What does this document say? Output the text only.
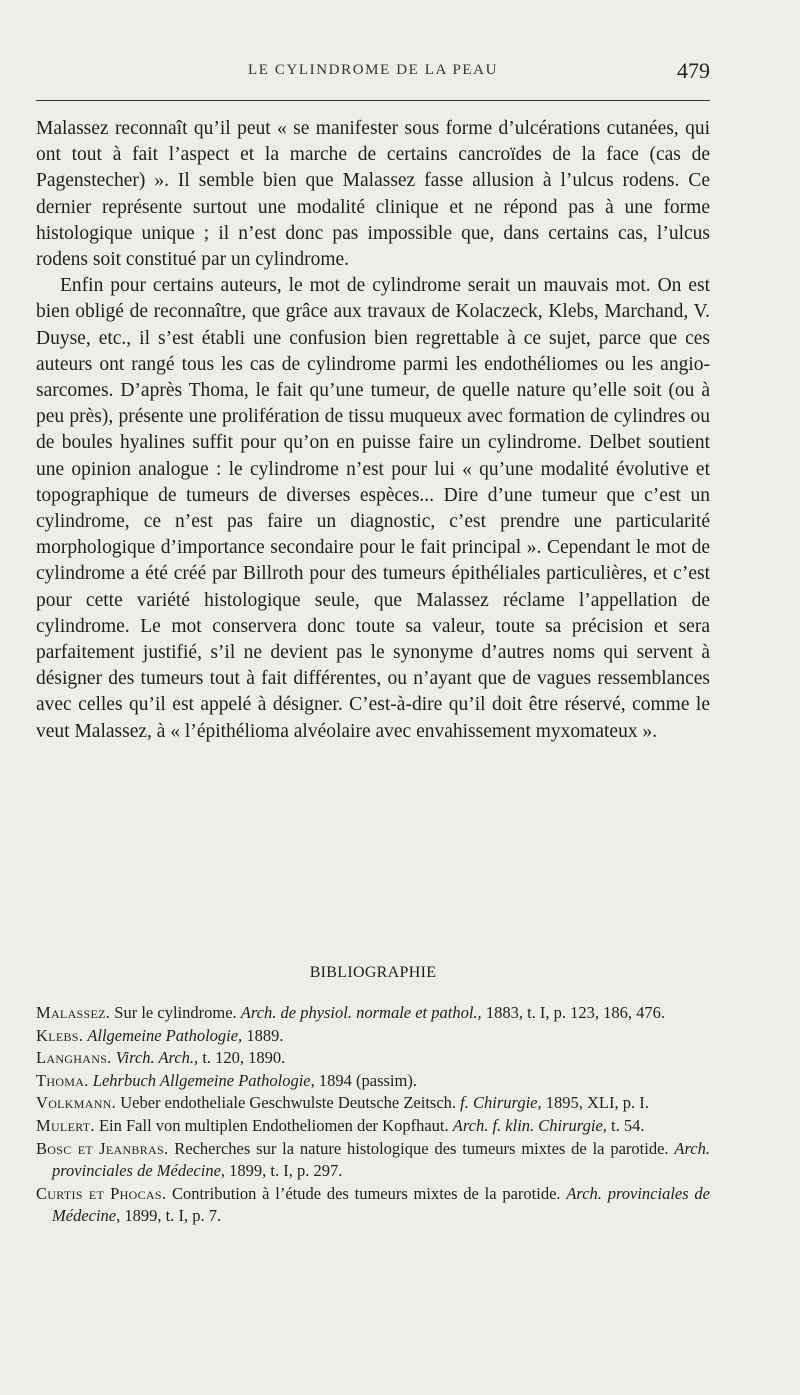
LE CYLINDROME DE LA PEAU	479

Malassez reconnaît qu’il peut « se manifester sous forme d’ulcérations cutanées, qui ont tout à fait l’aspect et la marche de certains cancroïdes de la face (cas de Pagenstecher) ». Il semble bien que Malassez fasse allusion à l’ulcus rodens. Ce dernier représente surtout une modalité clinique et ne répond pas à une forme histologique unique ; il n’est donc pas impossible que, dans certains cas, l’ulcus rodens soit constitué par un cylindrome.

Enfin pour certains auteurs, le mot de cylindrome serait un mauvais mot. On est bien obligé de reconnaître, que grâce aux travaux de Kolaczeck, Klebs, Marchand, V. Duyse, etc., il s’est établi une confusion bien regrettable à ce sujet, parce que ces auteurs ont rangé tous les cas de cylindrome parmi les endothéliomes ou les angio-sarcomes. D’après Thoma, le fait qu’une tumeur, de quelle nature qu’elle soit (ou à peu près), présente une prolifération de tissu muqueux avec formation de cylindres ou de boules hyalines suffit pour qu’on en puisse faire un cylindrome. Delbet soutient une opinion analogue : le cylindrome n’est pour lui « qu’une modalité évolutive et topographique de tumeurs de diverses espèces... Dire d’une tumeur que c’est un cylindrome, ce n’est pas faire un diagnostic, c’est prendre une particularité morphologique d’importance secondaire pour le fait principal ». Cependant le mot de cylindrome a été créé par Billroth pour des tumeurs épithéliales particulières, et c’est pour cette variété histologique seule, que Malassez réclame l’appellation de cylindrome. Le mot conservera donc toute sa valeur, toute sa précision et sera parfaitement justifié, s’il ne devient pas le synonyme d’autres noms qui servent à désigner des tumeurs tout à fait différentes, ou n’ayant que de vagues ressemblances avec celles qu’il est appelé à désigner. C’est-à-dire qu’il doit être réservé, comme le veut Malassez, à « l’épithélioma alvéolaire avec envahissement myxomateux ».

BIBLIOGRAPHIE
Malassez. Sur le cylindrome. Arch. de physiol. normale et pathol., 1883, t. I, p. 123, 186, 476.
Klebs. Allgemeine Pathologie, 1889.
Langhans. Virch. Arch., t. 120, 1890.
Thoma. Lehrbuch Allgemeine Pathologie, 1894 (passim).
Volkmann. Ueber endotheliale Geschwulste Deutsche Zeitsch. f. Chirurgie, 1895, XLI, p. I.
Mulert. Ein Fall von multiplen Endotheliomen der Kopfhaut. Arch. f. klin. Chirurgie, t. 54.
Bosc et Jeanbras. Recherches sur la nature histologique des tumeurs mixtes de la parotide. Arch. provinciales de Médecine, 1899, t. I, p. 297.
Curtis et Phocas. Contribution à l’étude des tumeurs mixtes de la parotide. Arch. provinciales de Médecine, 1899, t. I, p. 7.
